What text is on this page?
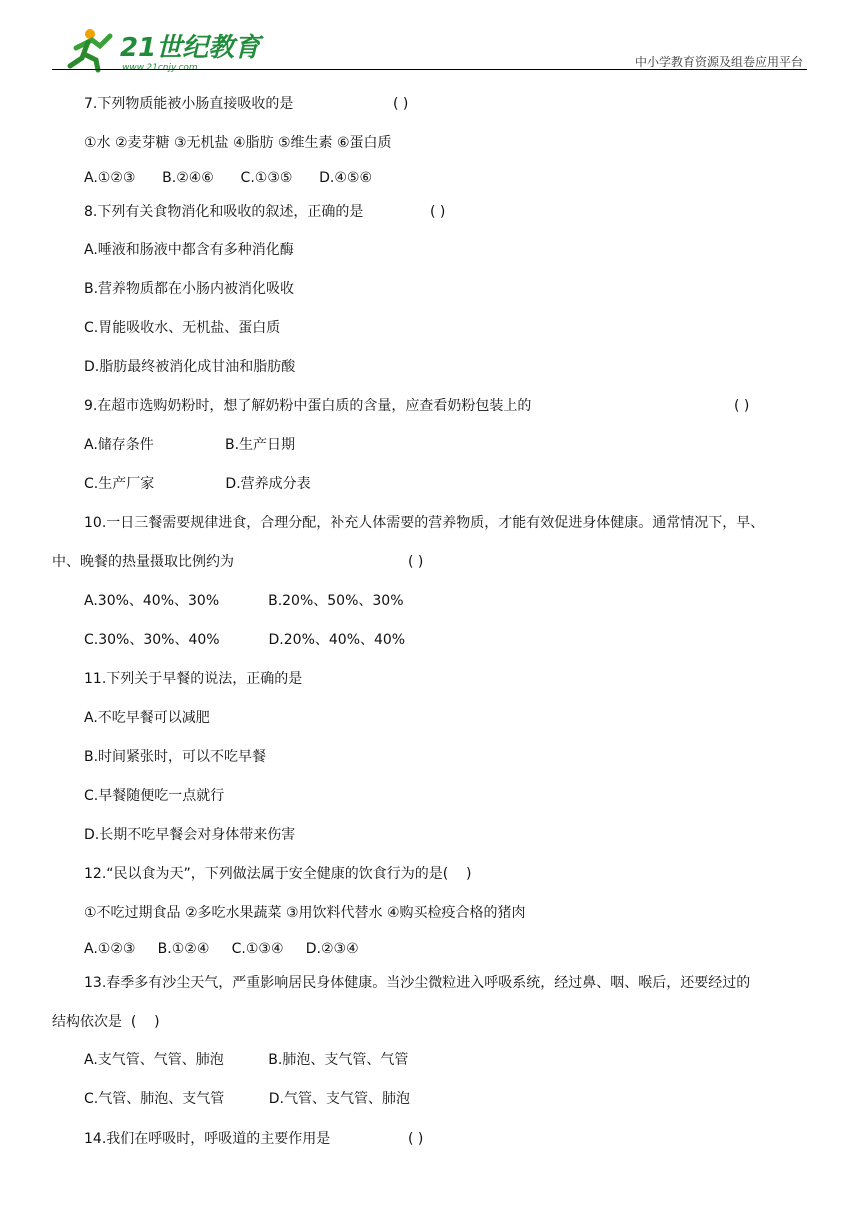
21世纪教育
www.21cnjy.com	中小学教育资源及组卷应用平台
7.下列物质能被小肠直接吸收的是	( )
①水 ②麦芽糖 ③无机盐 ④脂肪 ⑤维生素 ⑥蛋白质
A.①②③      B.②④⑥      C.①③⑤      D.④⑤⑥
8.下列有关食物消化和吸收的叙述，正确的是	( )
A.唾液和肠液中都含有多种消化酶
B.营养物质都在小肠内被消化吸收
C.胃能吸收水、无机盐、蛋白质
D.脂肪最终被消化成甘油和脂肪酸
9.在超市选购奶粉时，想了解奶粉中蛋白质的含量，应查看奶粉包装上的	( )
A.储存条件                B.生产日期
C.生产厂家                D.营养成分表
10.一日三餐需要规律进食，合理分配，补充人体需要的营养物质，才能有效促进身体健康。通常情况下，早、
中、晚餐的热量摄取比例约为	( )
A.30%、40%、30%           B.20%、50%、30%
C.30%、30%、40%           D.20%、40%、40%
11.下列关于早餐的说法，正确的是
A.不吃早餐可以减肥
B.时间紧张时，可以不吃早餐
C.早餐随便吃一点就行
D.长期不吃早餐会对身体带来伤害
12.“民以食为天”，下列做法属于安全健康的饮食行为的是(    )
①不吃过期食品 ②多吃水果蔬菜 ③用饮料代替水 ④购买检疫合格的猪肉
A.①②③     B.①②④     C.①③④     D.②③④
13.春季多有沙尘天气，严重影响居民身体健康。当沙尘微粒进入呼吸系统，经过鼻、咽、喉后，还要经过的
结构依次是  (    )
A.支气管、气管、肺泡          B.肺泡、支气管、气管
C.气管、肺泡、支气管          D.气管、支气管、肺泡
14.我们在呼吸时，呼吸道的主要作用是	( )
